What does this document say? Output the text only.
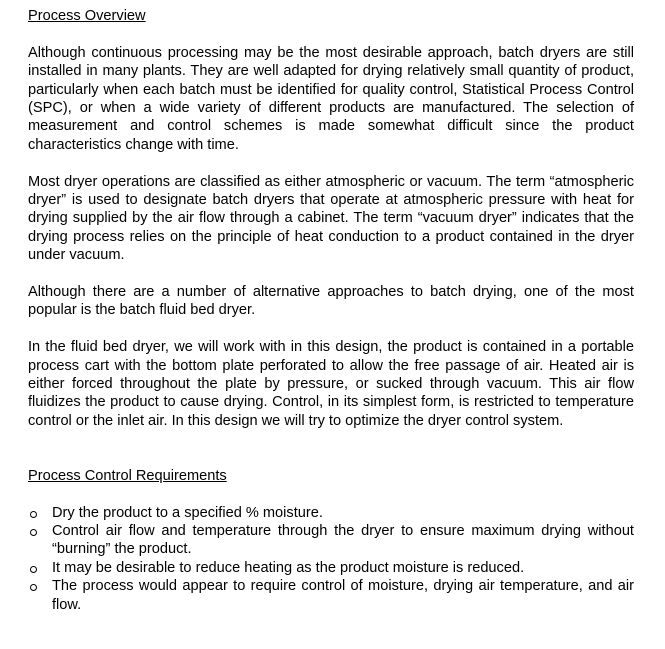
Process Overview

Although continuous processing may be the most desirable approach, batch dryers are still installed in many plants. They are well adapted for drying relatively small quantity of product, particularly when each batch must be identified for quality control, Statistical Process Control (SPC), or when a wide variety of different products are manufactured. The selection of measurement and control schemes is made somewhat difficult since the product characteristics change with time.

Most dryer operations are classified as either atmospheric or vacuum. The term “atmospheric dryer” is used to designate batch dryers that operate at atmospheric pressure with heat for drying supplied by the air flow through a cabinet. The term “vacuum dryer” indicates that the drying process relies on the principle of heat conduction to a product contained in the dryer under vacuum.

Although there are a number of alternative approaches to batch drying, one of the most popular is the batch fluid bed dryer.

In the fluid bed dryer, we will work with in this design, the product is contained in a portable process cart with the bottom plate perforated to allow the free passage of air. Heated air is either forced throughout the plate by pressure, or sucked through vacuum. This air flow fluidizes the product to cause drying. Control, in its simplest form, is restricted to temperature control or the inlet air. In this design we will try to optimize the dryer control system.

Process Control Requirements
Dry the product to a specified % moisture.
Control air flow and temperature through the dryer to ensure maximum drying without “burning” the product.
It may be desirable to reduce heating as the product moisture is reduced.
The process would appear to require control of moisture, drying air temperature, and air flow.
